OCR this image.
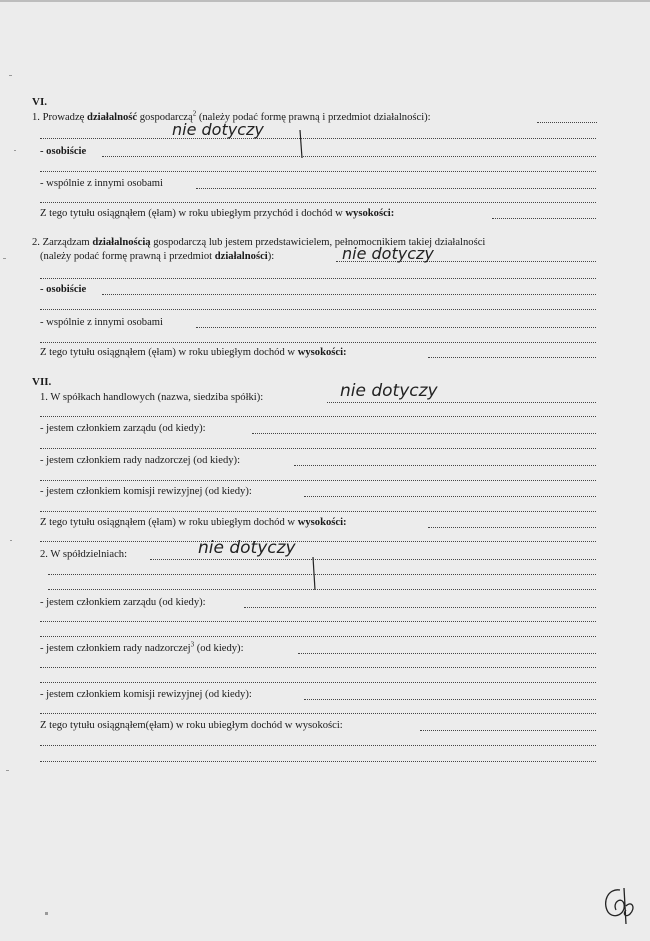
VI.
1. Prowadzę działalność gospodarczą$^2$ (należy podać formę prawną i przedmiot działalności):
nie dotyczy
- osobiście
- wspólnie z innymi osobami
Z tego tytułu osiągnąłem (ęłam) w roku ubiegłym przychód i dochód w wysokości:
2. Zarządzam działalnością gospodarczą lub jestem przedstawicielem, pełnomocnikiem takiej działalności
(należy podać formę prawną i przedmiot działalności):	nie dotyczy
- osobiście
- wspólnie z innymi osobami
Z tego tytułu osiągnąłem (ęłam) w roku ubiegłym dochód w wysokości:
VII.
1. W spółkach handlowych (nazwa, siedziba spółki):	nie dotyczy
- jestem członkiem zarządu (od kiedy):
- jestem członkiem rady nadzorczej (od kiedy):
- jestem członkiem komisji rewizyjnej (od kiedy):
Z tego tytułu osiągnąłem (ęłam) w roku ubiegłym dochód w wysokości:
2. W spółdzielniach:	nie dotyczy
- jestem członkiem zarządu (od kiedy):
- jestem członkiem rady nadzorczej$^3$ (od kiedy):
- jestem członkiem komisji rewizyjnej (od kiedy):
Z tego tytułu osiągnąłem(ęłam) w roku ubiegłym dochód w wysokości:
